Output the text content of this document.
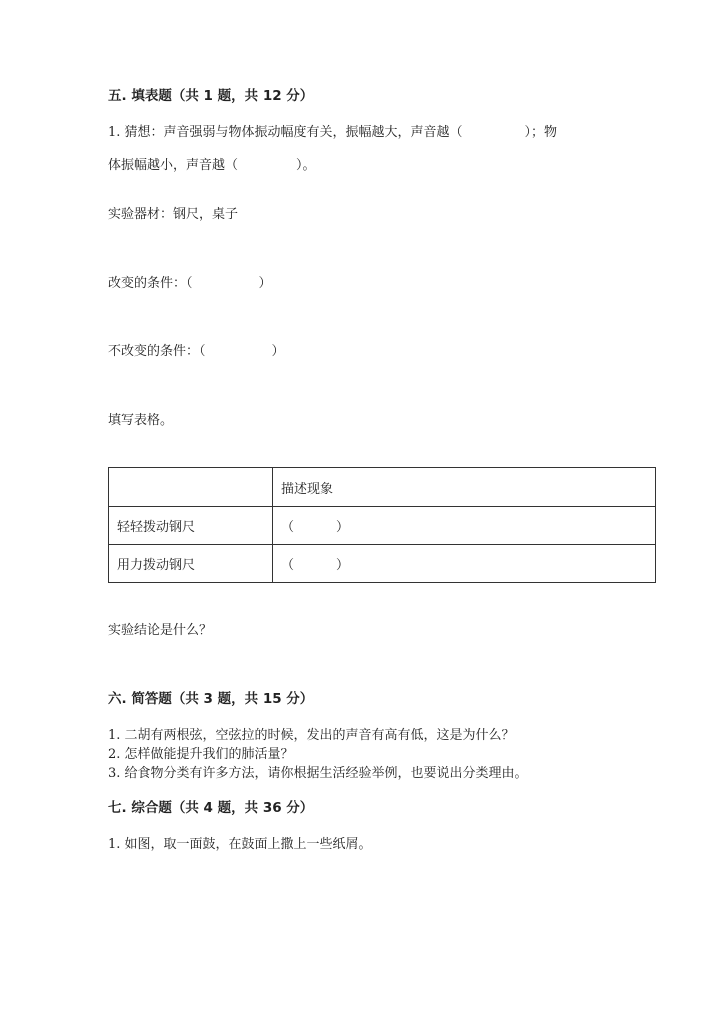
五. 填表题（共 1 题，共 12 分）
1. 猜想：声音强弱与物体振动幅度有关，振幅越大，声音越（	）；物
体振幅越小，声音越（	）。
实验器材：钢尺，桌子
改变的条件：（	）
不改变的条件：（	）
填写表格。
	描述现象
轻轻拨动钢尺	（ ）
用力拨动钢尺	（ ）
实验结论是什么？
六. 简答题（共 3 题，共 15 分）
1. 二胡有两根弦，空弦拉的时候，发出的声音有高有低，这是为什么？
2. 怎样做能提升我们的肺活量？
3. 给食物分类有许多方法，请你根据生活经验举例，也要说出分类理由。
七. 综合题（共 4 题，共 36 分）
1. 如图，取一面鼓，在鼓面上撒上一些纸屑。
